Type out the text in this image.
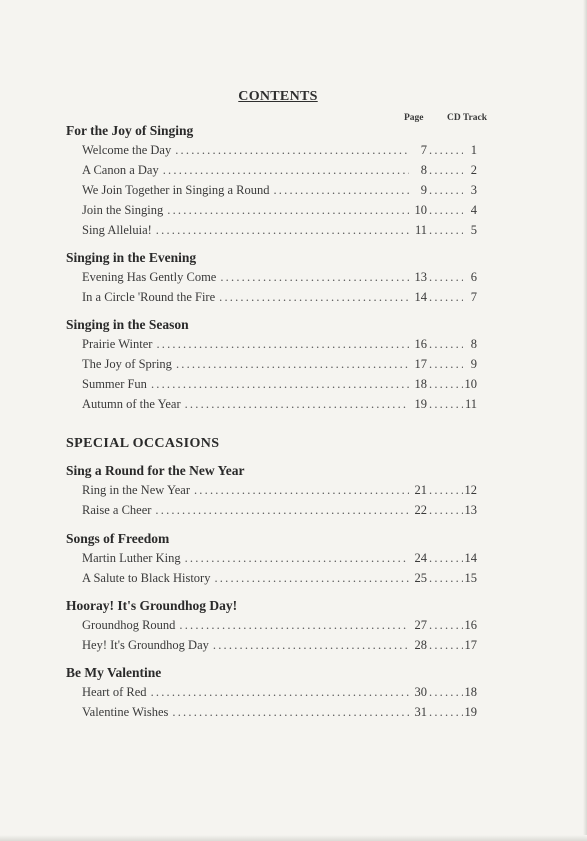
CONTENTS
Page CD Track
For the Joy of Singing
Welcome the Day .....	7 .....	1
A Canon a Day .....	8 .....	2
We Join Together in Singing a Round .....	9 .....	3
Join the Singing .....	10 .....	4
Sing Alleluia! .....	11 .....	5
Singing in the Evening
Evening Has Gently Come .....	13 .....	6
In a Circle 'Round the Fire .....	14 .....	7
Singing in the Season
Prairie Winter .....	16 .....	8
The Joy of Spring .....	17 .....	9
Summer Fun .....	18 .....	10
Autumn of the Year .....	19 .....	11
SPECIAL OCCASIONS
Sing a Round for the New Year
Ring in the New Year .....	21 .....	12
Raise a Cheer .....	22 .....	13
Songs of Freedom
Martin Luther King .....	24 .....	14
A Salute to Black History .....	25 .....	15
Hooray! It's Groundhog Day!
Groundhog Round .....	27 .....	16
Hey! It's Groundhog Day .....	28 .....	17
Be My Valentine
Heart of Red .....	30 .....	18
Valentine Wishes .....	31 .....	19
